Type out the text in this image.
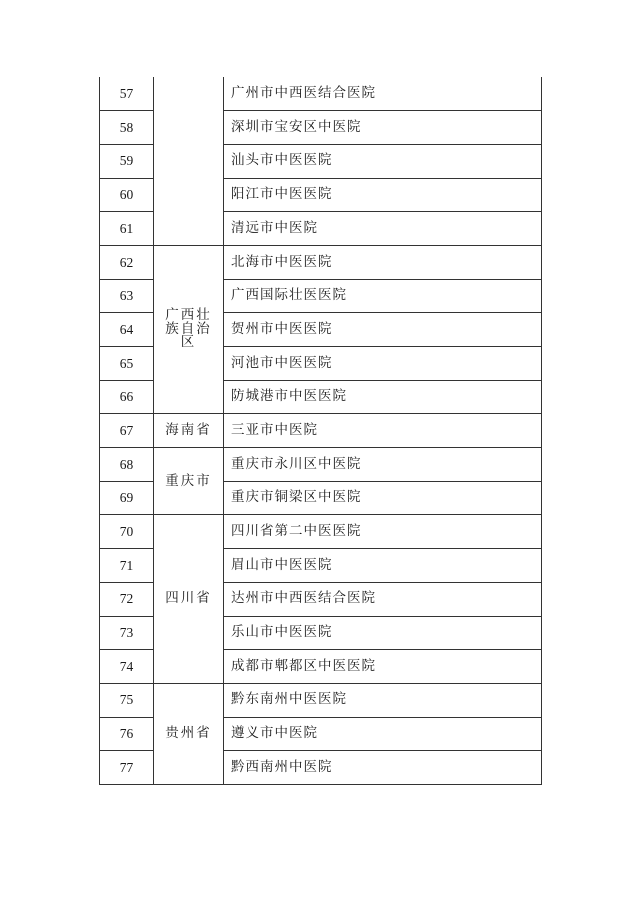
57		广州市中西医结合医院
58		深圳市宝安区中医院
59		汕头市中医医院
60		阳江市中医医院
61		清远市中医院
62	广西壮族自治区	北海市中医医院
63		广西国际壮医医院
64		贺州市中医医院
65		河池市中医医院
66		防城港市中医医院
67	海南省	三亚市中医院
68	重庆市	重庆市永川区中医院
69		重庆市铜梁区中医院
70	四川省	四川省第二中医医院
71		眉山市中医医院
72		达州市中西医结合医院
73		乐山市中医医院
74		成都市郫都区中医医院
75	贵州省	黔东南州中医医院
76		遵义市中医院
77		黔西南州中医院
